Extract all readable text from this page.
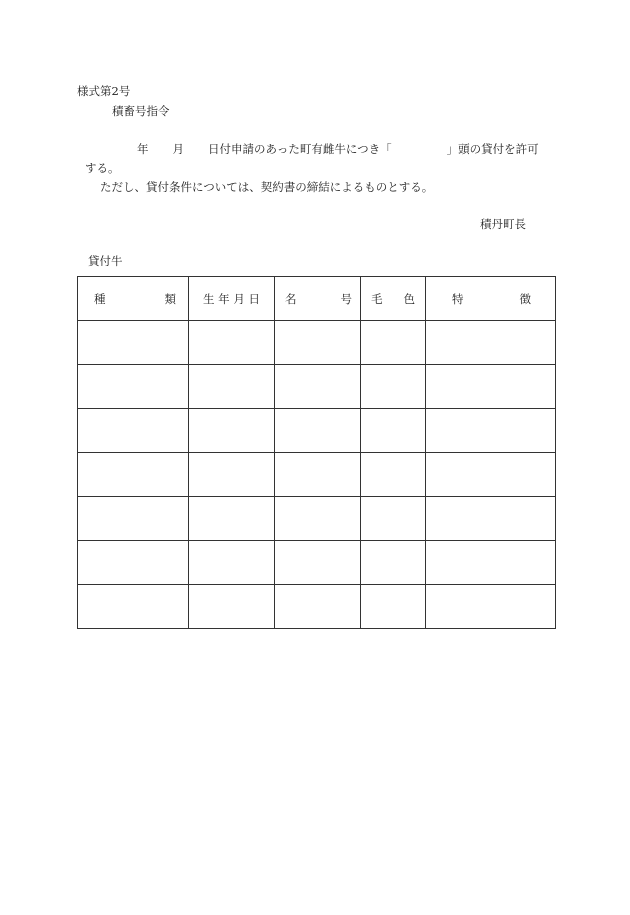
様式第2号
積畜号指令
年 月 日付申請のあった町有雌牛につき「	」頭の貸付を許可
する。
ただし、貸付条件については、契約書の締結によるものとする。
積丹町長
貸付牛
種 類	生 年 月 日	名 号	毛 色	特 徴
